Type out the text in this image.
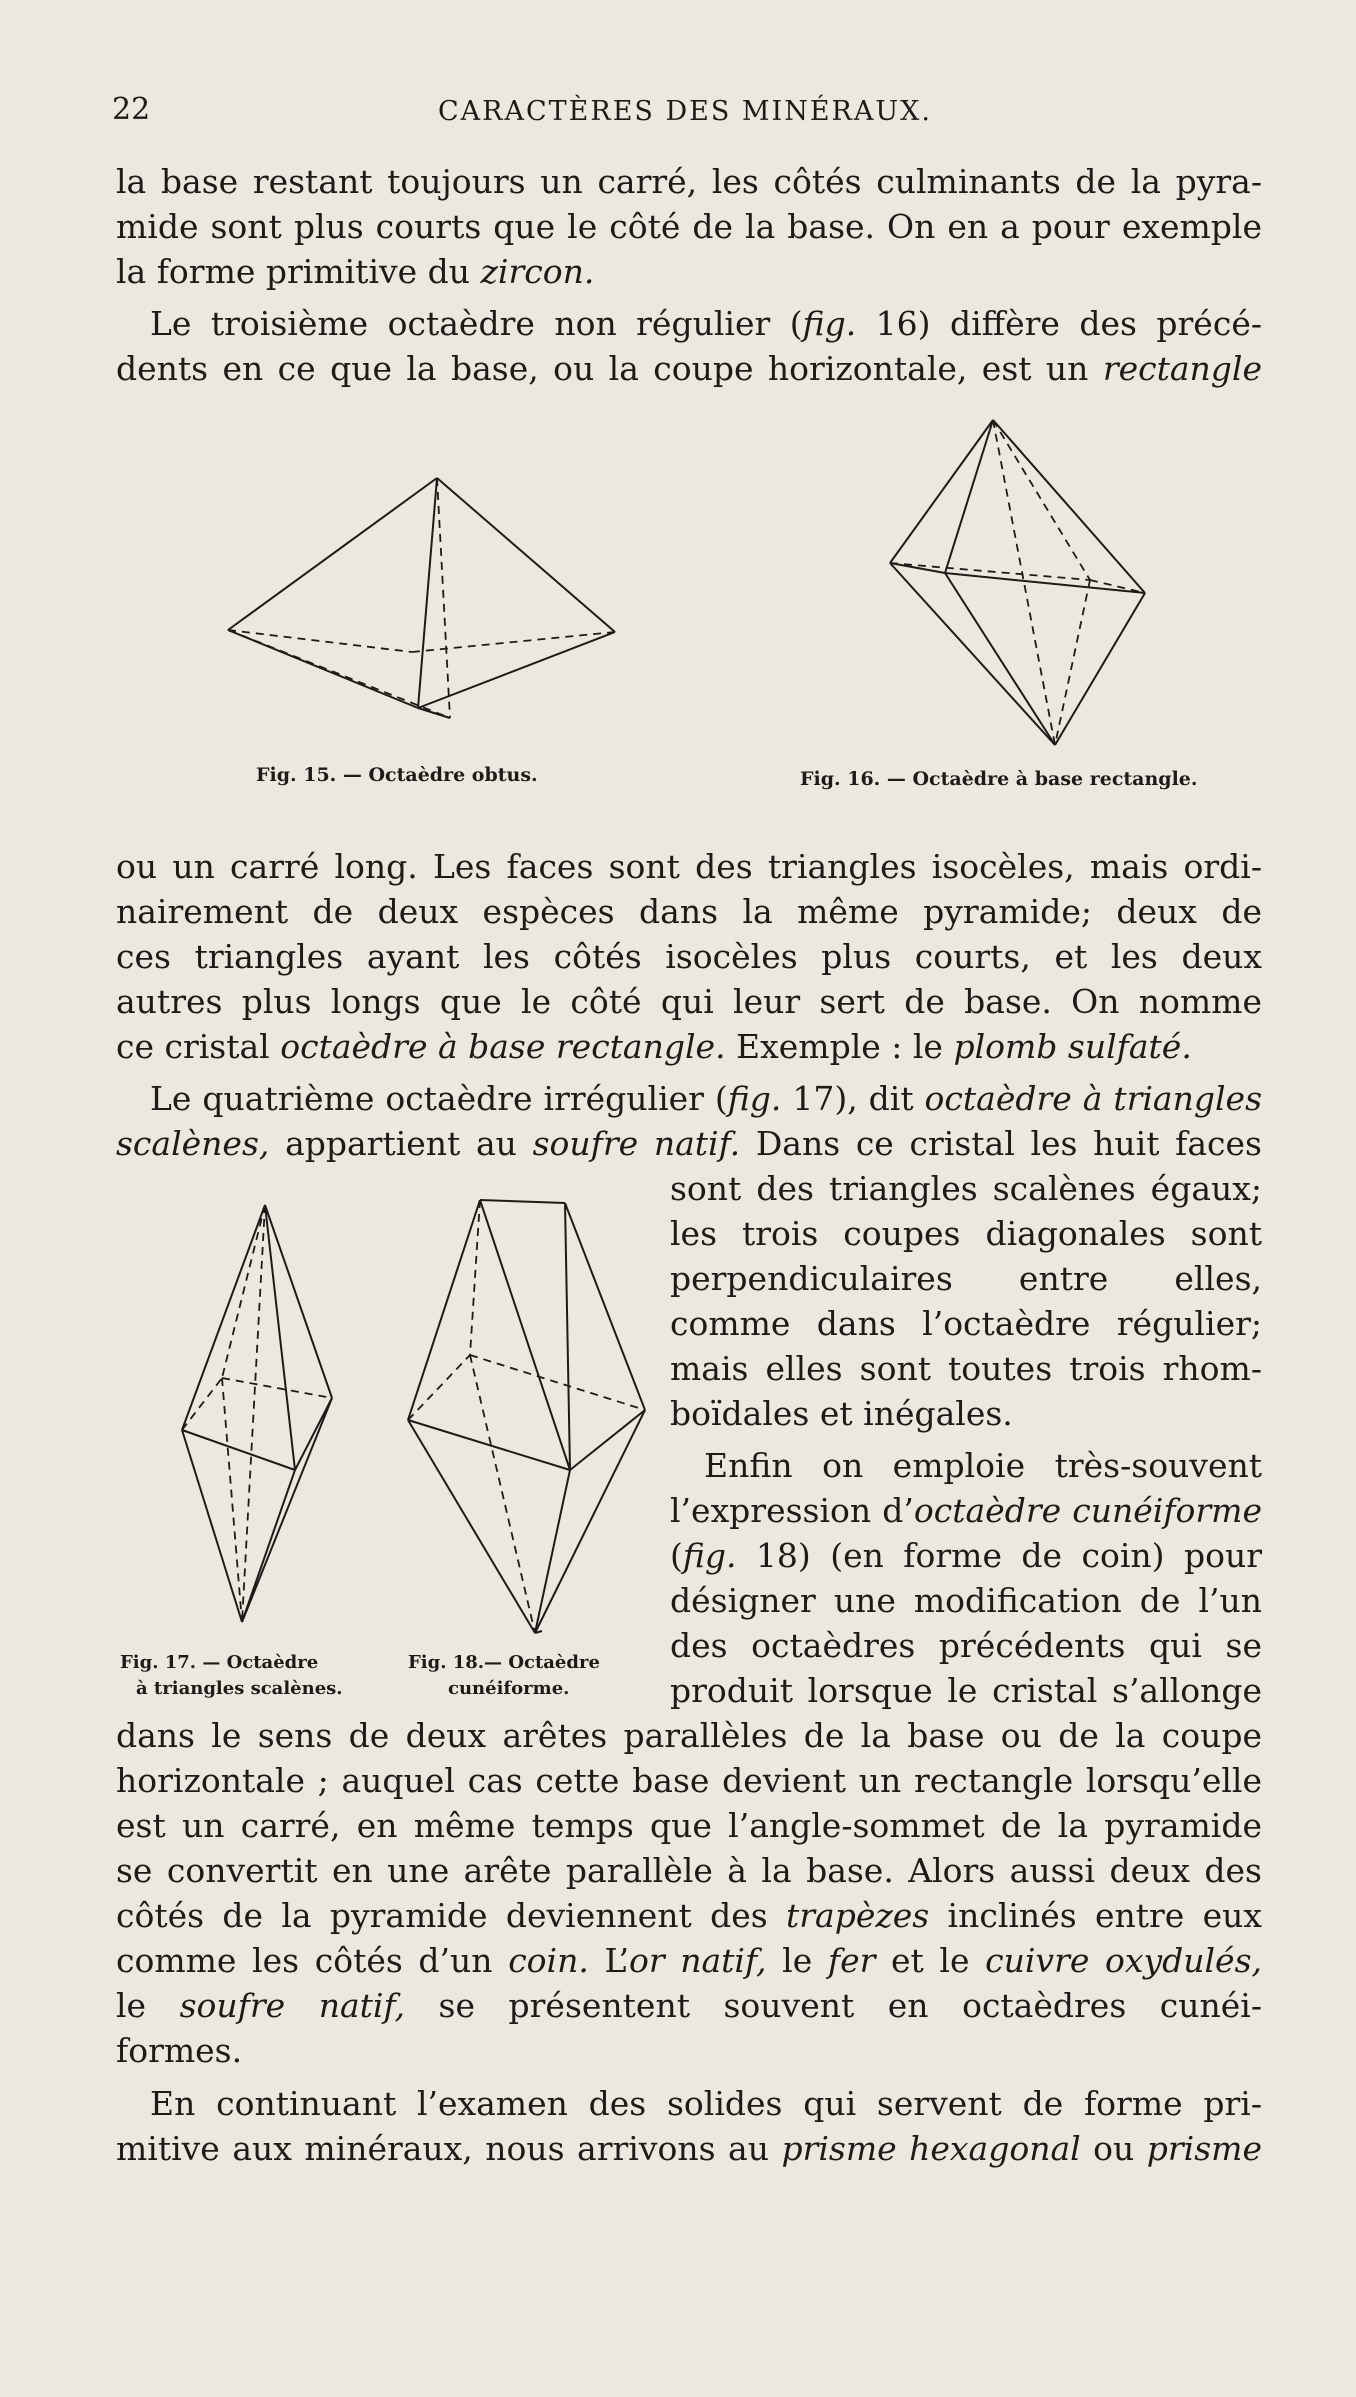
22	CARACTÈRES DES MINÉRAUX.
la base restant toujours un carré, les côtés culminants de la pyra-
mide sont plus courts que le côté de la base. On en a pour exemple
la forme primitive du zircon.
Le troisième octaèdre non régulier (fig. 16) diffère des précé-
dents en ce que la base, ou la coupe horizontale, est un rectangle
Fig. 15. — Octaèdre obtus.	Fig. 16. — Octaèdre à base rectangle.
ou un carré long. Les faces sont des triangles isocèles, mais ordi-
nairement de deux espèces dans la même pyramide; deux de
ces triangles ayant les côtés isocèles plus courts, et les deux
autres plus longs que le côté qui leur sert de base. On nomme
ce cristal octaèdre à base rectangle. Exemple : le plomb sulfaté.
Le quatrième octaèdre irrégulier (fig. 17), dit octaèdre à triangles
scalènes, appartient au soufre natif. Dans ce cristal les huit faces
sont des triangles scalènes égaux;
les trois coupes diagonales sont
perpendiculaires entre elles,
comme dans l’octaèdre régulier;
mais elles sont toutes trois rhom-
boïdales et inégales.
Enfin on emploie très-souvent
l’expression d’octaèdre cunéiforme
(fig. 18) (en forme de coin) pour
désigner une modification de l’un
des octaèdres précédents qui se
produit lorsque le cristal s’allonge
Fig. 17. — Octaèdre
à triangles scalènes.
Fig. 18.— Octaèdre
cunéiforme.
dans le sens de deux arêtes parallèles de la base ou de la coupe
horizontale ; auquel cas cette base devient un rectangle lorsqu’elle
est un carré, en même temps que l’angle-sommet de la pyramide
se convertit en une arête parallèle à la base. Alors aussi deux des
côtés de la pyramide deviennent des trapèzes inclinés entre eux
comme les côtés d’un coin. L’or natif, le fer et le cuivre oxydulés,
le soufre natif, se présentent souvent en octaèdres cunéi-
formes.
En continuant l’examen des solides qui servent de forme pri-
mitive aux minéraux, nous arrivons au prisme hexagonal ou prisme
